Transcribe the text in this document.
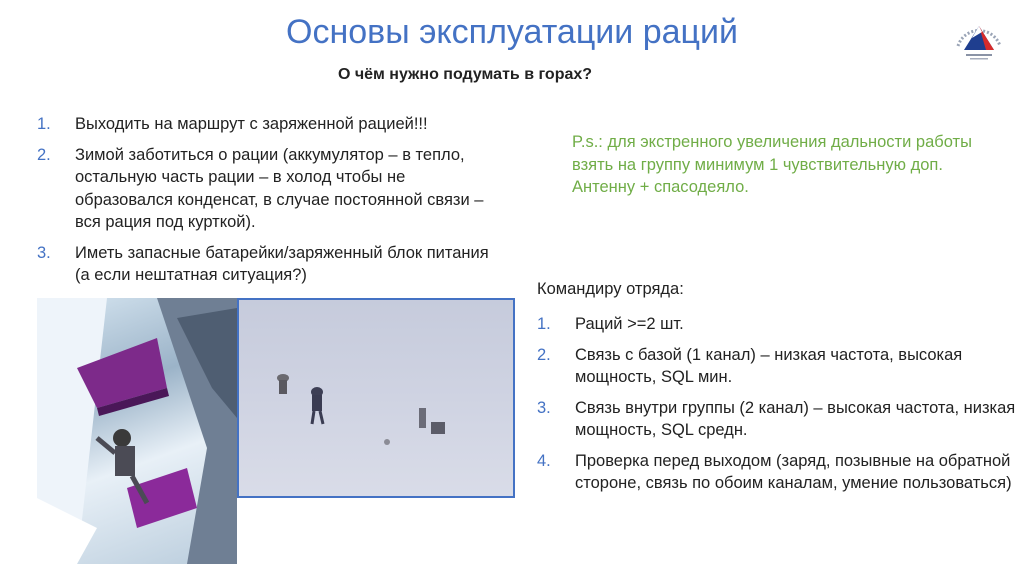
Основы эксплуатации раций
О чём нужно подумать в горах?
1. Выходить на маршрут с заряженной рацией!!!
2. Зимой заботиться о рации (аккумулятор – в тепло, остальную часть рации – в холод чтобы не образовался конденсат, в случае постоянной связи – вся рация под курткой).
3. Иметь запасные батарейки/заряженный блок питания (а если нештатная ситуация?)
P.s.: для экстренного увеличения дальности работы взять на группу минимум 1 чувствительную доп. Антенну + спасодеяло.
Командиру отряда:
1. Раций >=2 шт.
2. Связь с базой (1 канал) – низкая частота, высокая мощность, SQL мин.
3. Связь внутри группы (2 канал) – высокая частота, низкая мощность, SQL средн.
4. Проверка перед выходом (заряд, позывные на обратной стороне, связь по обоим каналам, умение пользоваться)
